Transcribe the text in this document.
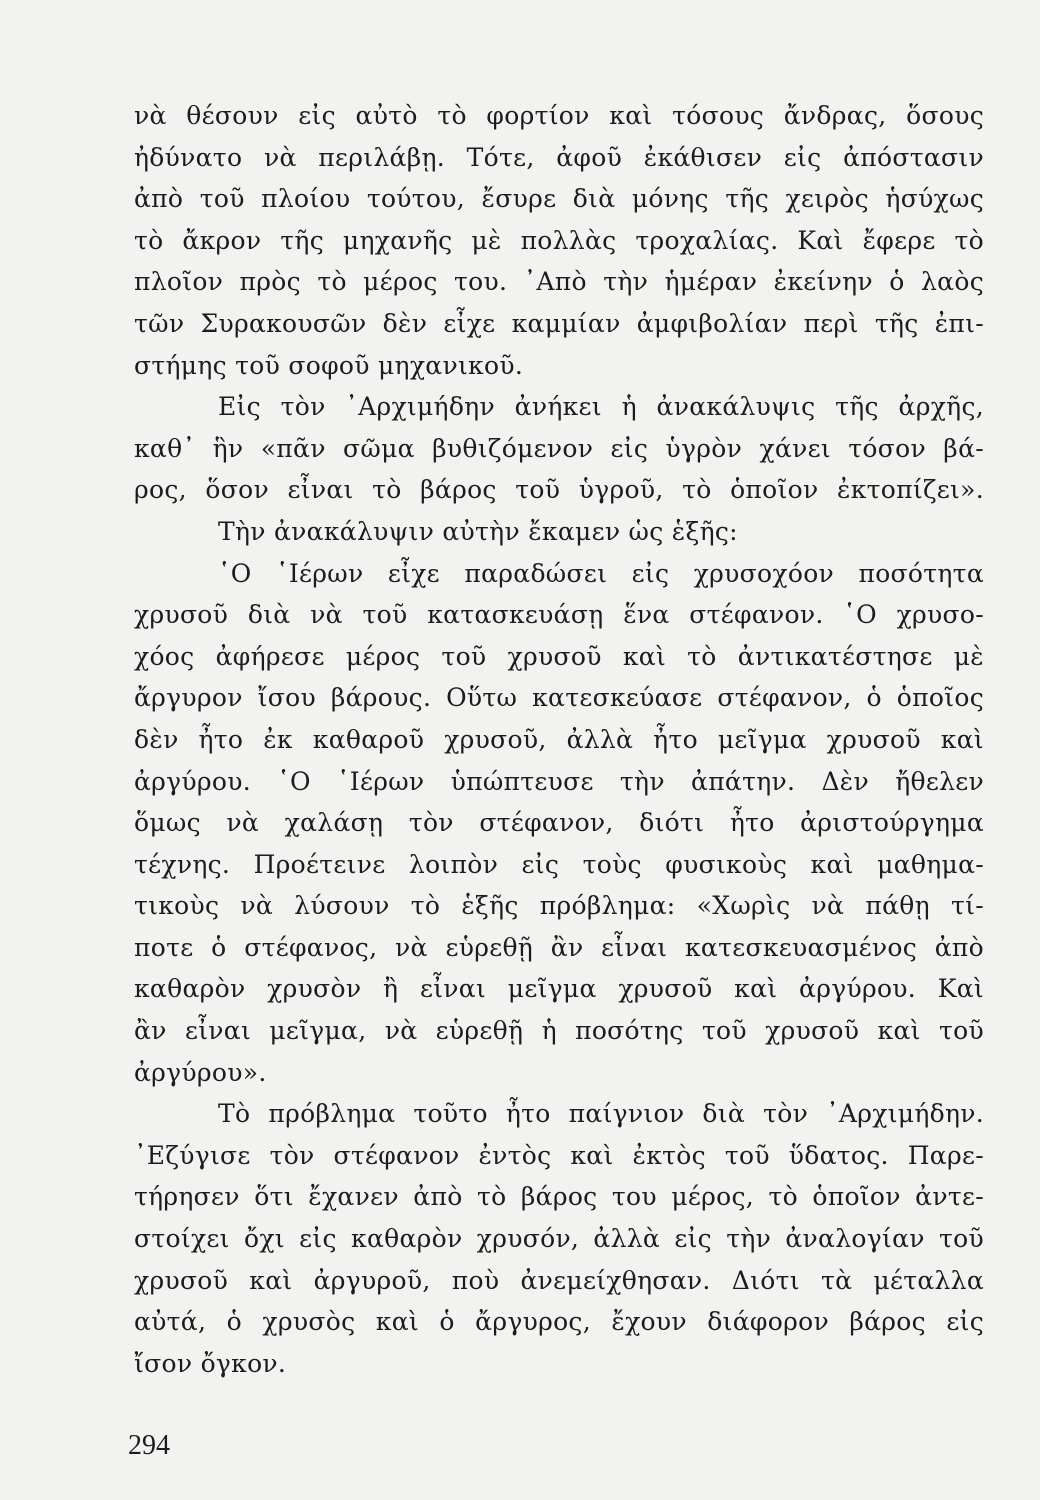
νὰ θέσουν εἰς αὐτὸ τὸ φορτίον καὶ τόσους ἄνδρας, ὅσους
ἠδύνατο νὰ περιλάβῃ. Τότε, ἀφοῦ ἐκάθισεν εἰς ἀπόστασιν
ἀπὸ τοῦ πλοίου τούτου, ἔσυρε διὰ μόνης τῆς χειρὸς ἡσύχως
τὸ ἄκρον τῆς μηχανῆς μὲ πολλὰς τροχαλίας. Καὶ ἔφερε τὸ
πλοῖον πρὸς τὸ μέρος του. ᾿Απὸ τὴν ἡμέραν ἐκείνην ὁ λαὸς
τῶν Συρακουσῶν δὲν εἶχε καμμίαν ἀμφιβολίαν περὶ τῆς ἐπι-
στήμης τοῦ σοφοῦ μηχανικοῦ.
Εἰς τὸν ᾿Αρχιμήδην ἀνήκει ἡ ἀνακάλυψις τῆς ἀρχῆς,
καθ᾿ ἣν «πᾶν σῶμα βυθιζόμενον εἰς ὑγρὸν χάνει τόσον βά-
ρος, ὅσον εἶναι τὸ βάρος τοῦ ὑγροῦ, τὸ ὁποῖον ἐκτοπίζει».
Τὴν ἀνακάλυψιν αὐτὴν ἔκαμεν ὡς ἑξῆς:
῾Ο ῾Ιέρων εἶχε παραδώσει εἰς χρυσοχόον ποσότητα
χρυσοῦ διὰ νὰ τοῦ κατασκευάσῃ ἕνα στέφανον. ῾Ο χρυσο-
χόος ἀφήρεσε μέρος τοῦ χρυσοῦ καὶ τὸ ἀντικατέστησε μὲ
ἄργυρον ἴσου βάρους. Οὕτω κατεσκεύασε στέφανον, ὁ ὁποῖος
δὲν ἦτο ἐκ καθαροῦ χρυσοῦ, ἀλλὰ ἦτο μεῖγμα χρυσοῦ καὶ
ἀργύρου. ῾Ο ῾Ιέρων ὑπώπτευσε τὴν ἀπάτην. Δὲν ἤθελεν
ὅμως νὰ χαλάσῃ τὸν στέφανον, διότι ἦτο ἀριστούργημα
τέχνης. Προέτεινε λοιπὸν εἰς τοὺς φυσικοὺς καὶ μαθημα-
τικοὺς νὰ λύσουν τὸ ἑξῆς πρόβλημα: «Χωρὶς νὰ πάθῃ τί-
ποτε ὁ στέφανος, νὰ εὑρεθῇ ἂν εἶναι κατεσκευασμένος ἀπὸ
καθαρὸν χρυσὸν ἢ εἶναι μεῖγμα χρυσοῦ καὶ ἀργύρου. Καὶ
ἂν εἶναι μεῖγμα, νὰ εὑρεθῇ ἡ ποσότης τοῦ χρυσοῦ καὶ τοῦ
ἀργύρου».
Τὸ πρόβλημα τοῦτο ἦτο παίγνιον διὰ τὸν ᾿Αρχιμήδην.
᾿Εζύγισε τὸν στέφανον ἐντὸς καὶ ἐκτὸς τοῦ ὕδατος. Παρε-
τήρησεν ὅτι ἔχανεν ἀπὸ τὸ βάρος του μέρος, τὸ ὁποῖον ἀντε-
στοίχει ὄχι εἰς καθαρὸν χρυσόν, ἀλλὰ εἰς τὴν ἀναλογίαν τοῦ
χρυσοῦ καὶ ἀργυροῦ, ποὺ ἀνεμείχθησαν. Διότι τὰ μέταλλα
αὐτά, ὁ χρυσὸς καὶ ὁ ἄργυρος, ἔχουν διάφορον βάρος εἰς
ἴσον ὄγκον.
294
